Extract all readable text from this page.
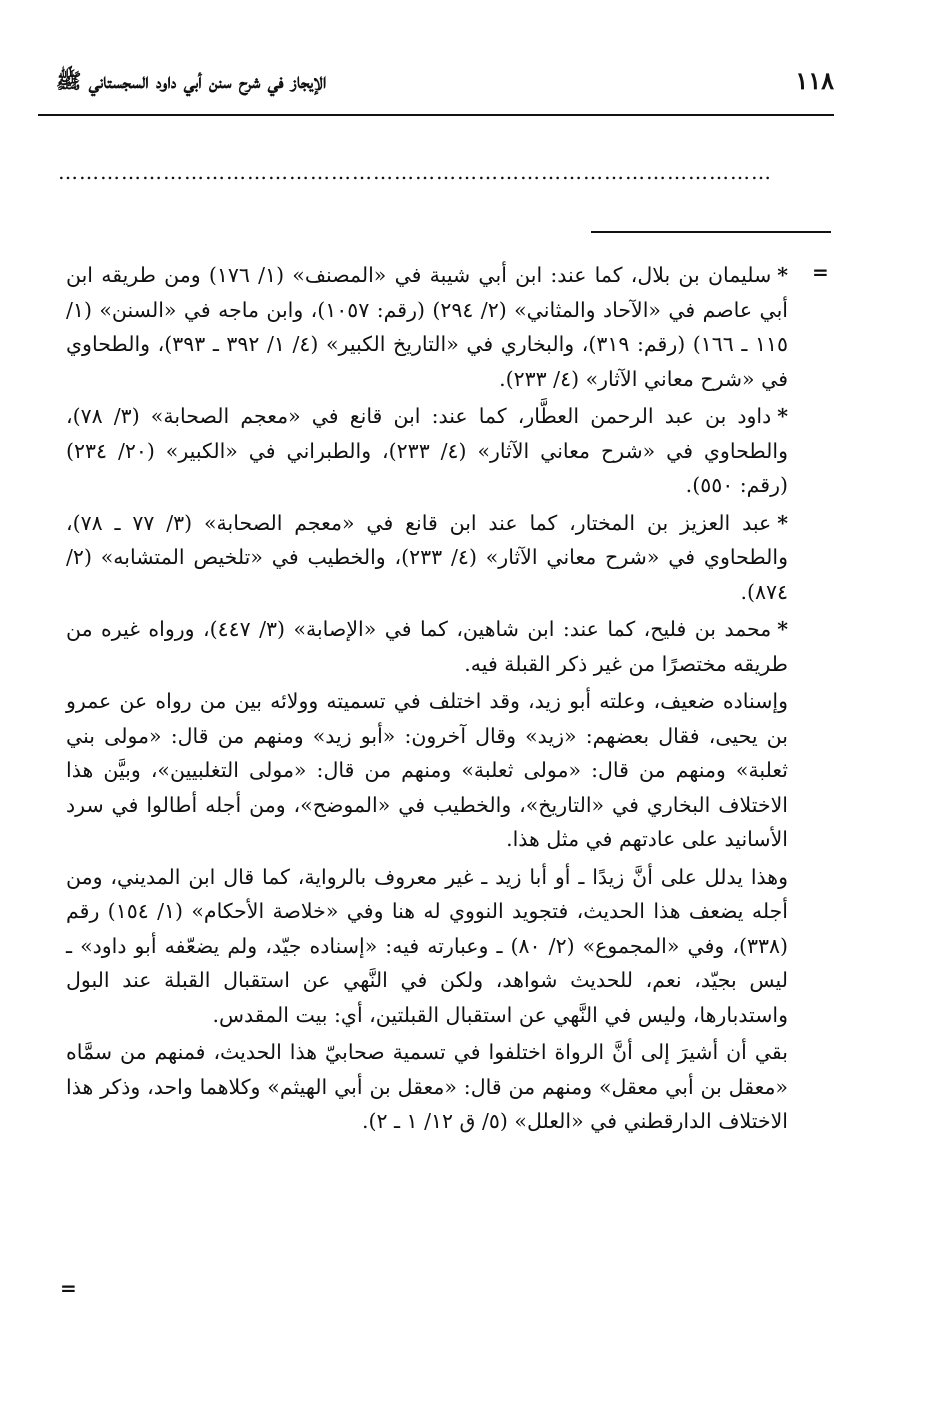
١١٨
الإيجاز في شرح سنن أبي داود السجستاني ﷺ
…………………………………………………………………………………………
=

*سليمان بن بلال، كما عند: ابن أبي شيبة في «المصنف» (١/ ١٧٦) ومن طريقه ابن أبي عاصم في «الآحاد والمثاني» (٢/ ٢٩٤) (رقم: ١٠٥٧)، وابن ماجه في «السنن» (١/ ١١٥ ـ ١٦٦) (رقم: ٣١٩)، والبخاري في «التاريخ الكبير» (٤/ ١/ ٣٩٢ ـ ٣٩٣)، والطحاوي في «شرح معاني الآثار» (٤/ ٢٣٣).

*داود بن عبد الرحمن العطَّار، كما عند: ابن قانع في «معجم الصحابة» (٣/ ٧٨)، والطحاوي في «شرح معاني الآثار» (٤/ ٢٣٣)، والطبراني في «الكبير» (٢٠/ ٢٣٤) (رقم: ٥٥٠).

*عبد العزيز بن المختار، كما عند ابن قانع في «معجم الصحابة» (٣/ ٧٧ ـ ٧٨)، والطحاوي في «شرح معاني الآثار» (٤/ ٢٣٣)، والخطيب في «تلخيص المتشابه» (٢/ ٨٧٤).

*محمد بن فليح، كما عند: ابن شاهين، كما في «الإصابة» (٣/ ٤٤٧)، ورواه غيره من طريقه مختصرًا من غير ذكر القبلة فيه.

وإسناده ضعيف، وعلته أبو زيد، وقد اختلف في تسميته وولائه بين من رواه عن عمرو بن يحيى، فقال بعضهم: «زيد» وقال آخرون: «أبو زيد» ومنهم من قال: «مولى بني ثعلبة» ومنهم من قال: «مولى ثعلبة» ومنهم من قال: «مولى التغلبيين»، وبيَّن هذا الاختلاف البخاري في «التاريخ»، والخطيب في «الموضح»، ومن أجله أطالوا في سرد الأسانيد على عادتهم في مثل هذا.

وهذا يدلل على أنَّ زيدًا ـ أو أبا زيد ـ غير معروف بالرواية، كما قال ابن المديني، ومن أجله يضعف هذا الحديث، فتجويد النووي له هنا وفي «خلاصة الأحكام» (١/ ١٥٤) رقم (٣٣٨)، وفي «المجموع» (٢/ ٨٠) ـ وعبارته فيه: «إسناده جيّد، ولم يضعّفه أبو داود» ـ ليس بجيّد، نعم، للحديث شواهد، ولكن في النَّهي عن استقبال القبلة عند البول واستدبارها، وليس في النَّهي عن استقبال القبلتين، أي: بيت المقدس.

بقي أن أشيرَ إلى أنَّ الرواة اختلفوا في تسمية صحابيّ هذا الحديث، فمنهم من سمَّاه «معقل بن أبي معقل» ومنهم من قال: «معقل بن أبي الهيثم» وكلاهما واحد، وذكر هذا الاختلاف الدارقطني في «العلل» (٥/ ق ١٢/ ١ ـ ٢).

=
